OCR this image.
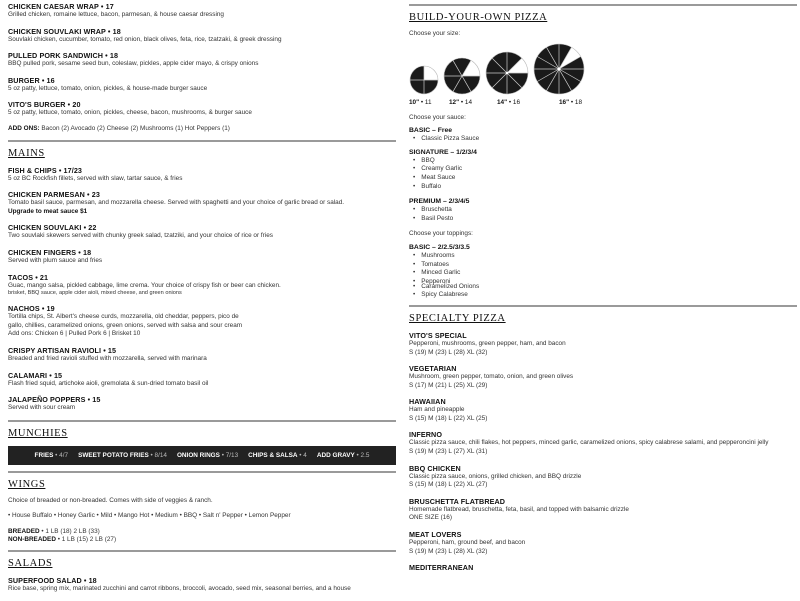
CHICKEN CAESAR WRAP • 17
Grilled chicken, romaine lettuce, bacon, parmesan, & house caesar dressing
CHICKEN SOUVLAKI WRAP • 18
Souvlaki chicken, cucumber, tomato, red onion, black olives, feta, rice, tzatzaki, & greek dressing
PULLED PORK SANDWICH • 18
BBQ pulled pork, sesame seed bun, coleslaw, pickles, apple cider mayo, & crispy onions
BURGER • 16
5 oz patty, lettuce, tomato, onion, pickles, & house-made burger sauce
VITO'S BURGER • 20
5 oz patty, lettuce, tomato, onion, pickles, cheese, bacon, mushrooms, & burger sauce
ADD ONS: Bacon (2) Avocado (2) Cheese (2) Mushrooms (1) Hot Peppers (1)
MAINS
FISH & CHIPS • 17/23
5 oz BC Rockfish fillets, served with slaw, tartar sauce, & fries
CHICKEN PARMESAN • 23
Tomato basil sauce, parmesan, and mozzarella cheese. Served with spaghetti and your choice of garlic bread or salad.
Upgrade to meat sauce $1
CHICKEN SOUVLAKI • 22
Two souvlaki skewers served with chunky greek salad, tzatziki, and your choice of rice or fries
CHICKEN FINGERS • 18
Served with plum sauce and fries
TACOS • 21
Guac, mango salsa, pickled cabbage, lime crema. Your choice of crispy fish or beer can chicken.
brisket, BBQ sauce, apple cider aioli, mixed cheese, and green onions
NACHOS • 19
Tortilla chips, St. Albert's cheese curds, mozzarella, old cheddar, peppers, pico de
gallo, chillies, caramelized onions, green onions, served with salsa and sour cream
Add ons: Chicken 6 | Pulled Pork 6 | Brisket 10
CRISPY ARTISAN RAVIOLI • 15
Breaded and fried ravioli stuffed with mozzarella, served with marinara
CALAMARI • 15
Flash fried squid, artichoke aioli, gremolata & sun-dried tomato basil oil
JALAPEÑO POPPERS • 15
Served with sour cream
MUNCHIES
FRIES • 4/7 SWEET POTATO FRIES • 8/14 ONION RINGS • 7/13 CHIPS & SALSA • 4 ADD GRAVY • 2.5
WINGS
Choice of breaded or non-breaded. Comes with side of veggies & ranch.
• House Buffalo • Honey Garlic • Mild • Mango Hot • Medium • BBQ • Salt n' Pepper • Lemon Pepper
BREADED • 1 LB (18) 2 LB (33)
NON-BREADED • 1 LB (15) 2 LB (27)
SALADS
SUPERFOOD SALAD • 18
Rice base, spring mix, marinated zucchini and carrot ribbons, broccoli, avocado, seed mix, seasonal berries, and a house
BUILD-YOUR-OWN PIZZA
Choose your size:
10" • 11	12" • 14	14" • 16	16" • 18
Choose your sauce:
BASIC – Free
• Classic Pizza Sauce
SIGNATURE – 1/2/3/4
• BBQ
• Creamy Garlic
• Meat Sauce
• Buffalo
PREMIUM – 2/3/4/5
• Bruschetta
• Basil Pesto
Choose your toppings:
BASIC – 2/2.5/3/3.5
• Mushrooms
• Tomatoes
• Minced Garlic
• Pepperoni
• Caramelized Onions
• Spicy Calabrese
SPECIALTY PIZZA
VITO'S SPECIAL
Pepperoni, mushrooms, green pepper, ham, and bacon
S (19) M (23) L (28) XL (32)
VEGETARIAN
Mushroom, green pepper, tomato, onion, and green olives
S (17) M (21) L (25) XL (29)
HAWAIIAN
Ham and pineapple
S (15) M (18) L (22) XL (25)
INFERNO
Classic pizza sauce, chili flakes, hot peppers, minced garlic, caramelized onions, spicy calabrese salami, and pepperoncini jelly
S (19) M (23) L (27) XL (31)
BBQ CHICKEN
Classic pizza sauce, onions, grilled chicken, and BBQ drizzle
S (15) M (18) L (22) XL (27)
BRUSCHETTA FLATBREAD
Homemade flatbread, bruschetta, feta, basil, and topped with balsamic drizzle
ONE SIZE (16)
MEAT LOVERS
Pepperoni, ham, ground beef, and bacon
S (19) M (23) L (28) XL (32)
MEDITERRANEAN
